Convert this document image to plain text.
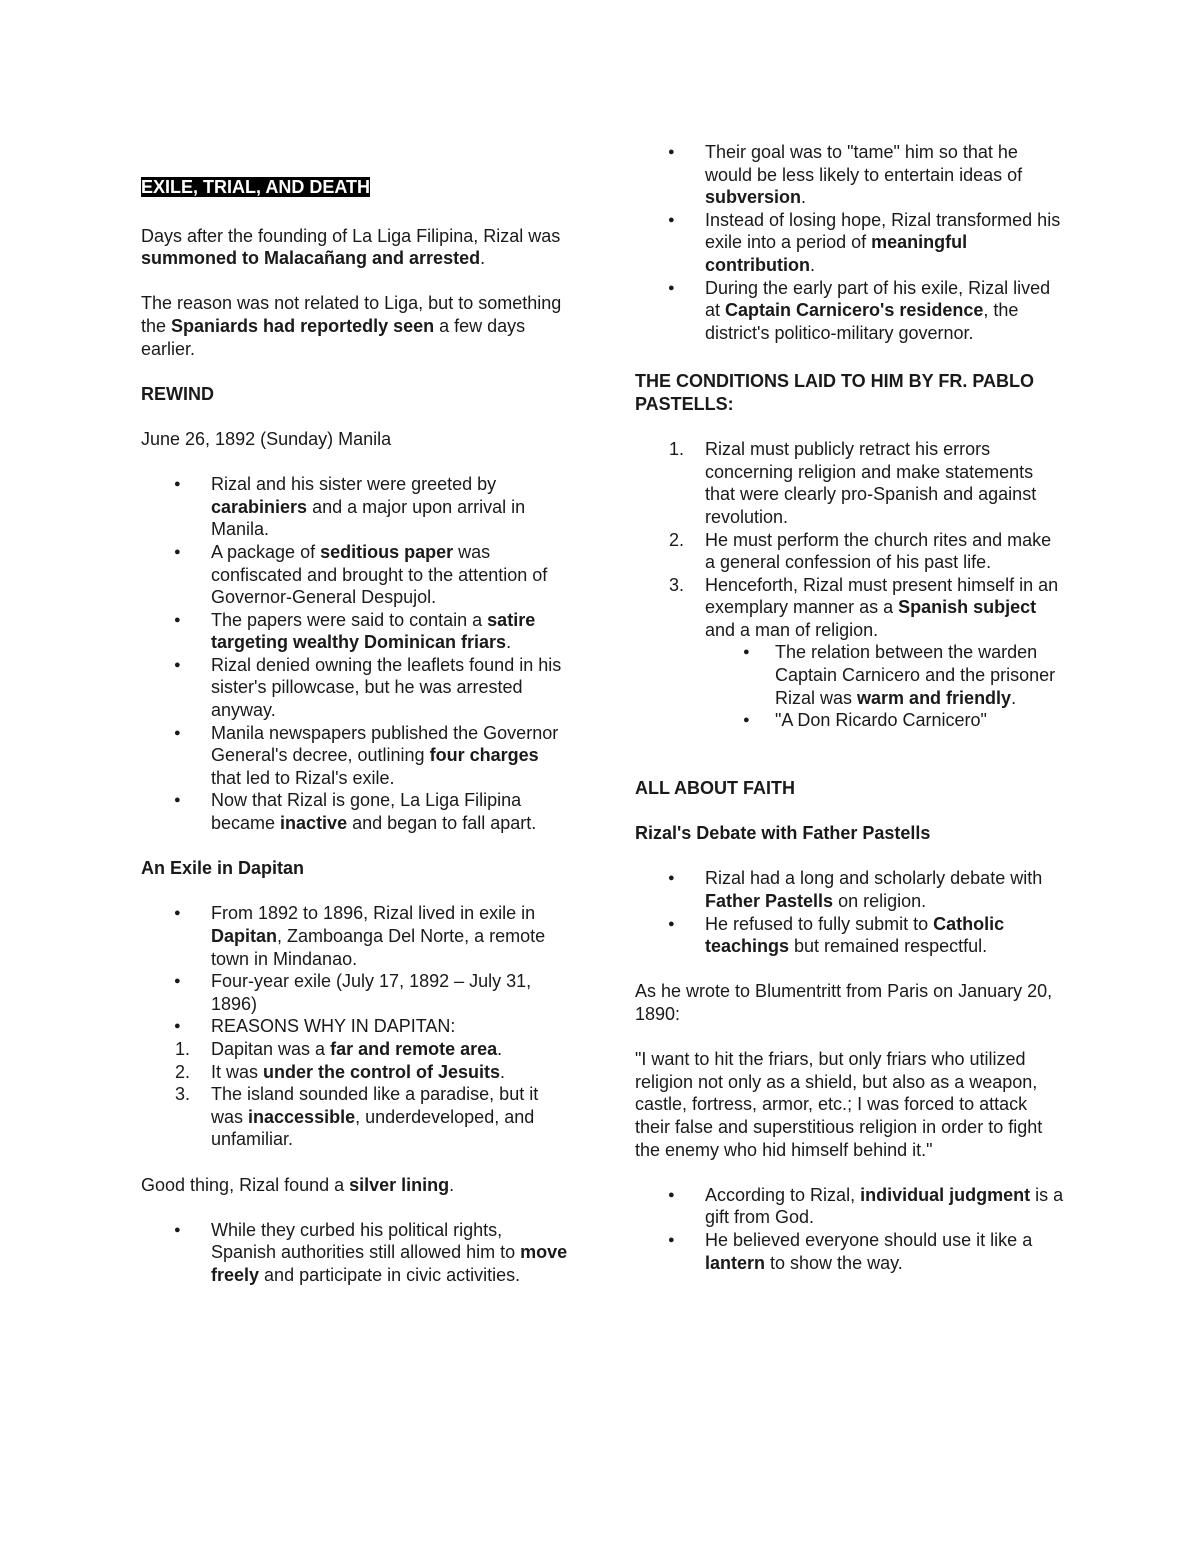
EXILE, TRIAL, AND DEATH

Days after the founding of La Liga Filipina, Rizal was summoned to Malacañang and arrested.

The reason was not related to Liga, but to something the Spaniards had reportedly seen a few days earlier.

REWIND

June 26, 1892 (Sunday) Manila

● Rizal and his sister were greeted by carabiniers and a major upon arrival in Manila.
● A package of seditious paper was confiscated and brought to the attention of Governor-General Despujol.
● The papers were said to contain a satire targeting wealthy Dominican friars.
● Rizal denied owning the leaflets found in his sister's pillowcase, but he was arrested anyway.
● Manila newspapers published the Governor General's decree, outlining four charges that led to Rizal's exile.
● Now that Rizal is gone, La Liga Filipina became inactive and began to fall apart.

An Exile in Dapitan

● From 1892 to 1896, Rizal lived in exile in Dapitan, Zamboanga Del Norte, a remote town in Mindanao.
● Four-year exile (July 17, 1892 – July 31, 1896)
● REASONS WHY IN DAPITAN:
1. Dapitan was a far and remote area.
2. It was under the control of Jesuits.
3. The island sounded like a paradise, but it was inaccessible, underdeveloped, and unfamiliar.

Good thing, Rizal found a silver lining.

● While they curbed his political rights, Spanish authorities still allowed him to move freely and participate in civic activities.
● Their goal was to "tame" him so that he would be less likely to entertain ideas of subversion.
● Instead of losing hope, Rizal transformed his exile into a period of meaningful contribution.
● During the early part of his exile, Rizal lived at Captain Carnicero's residence, the district's politico-military governor.

THE CONDITIONS LAID TO HIM BY FR. PABLO PASTELLS:

1. Rizal must publicly retract his errors concerning religion and make statements that were clearly pro-Spanish and against revolution.
2. He must perform the church rites and make a general confession of his past life.
3. Henceforth, Rizal must present himself in an exemplary manner as a Spanish subject and a man of religion.
● The relation between the warden Captain Carnicero and the prisoner Rizal was warm and friendly.
● "A Don Ricardo Carnicero"

ALL ABOUT FAITH

Rizal's Debate with Father Pastells

● Rizal had a long and scholarly debate with Father Pastells on religion.
● He refused to fully submit to Catholic teachings but remained respectful.

As he wrote to Blumentritt from Paris on January 20, 1890:

"I want to hit the friars, but only friars who utilized religion not only as a shield, but also as a weapon, castle, fortress, armor, etc.; I was forced to attack their false and superstitious religion in order to fight the enemy who hid himself behind it."

● According to Rizal, individual judgment is a gift from God.
● He believed everyone should use it like a lantern to show the way.
